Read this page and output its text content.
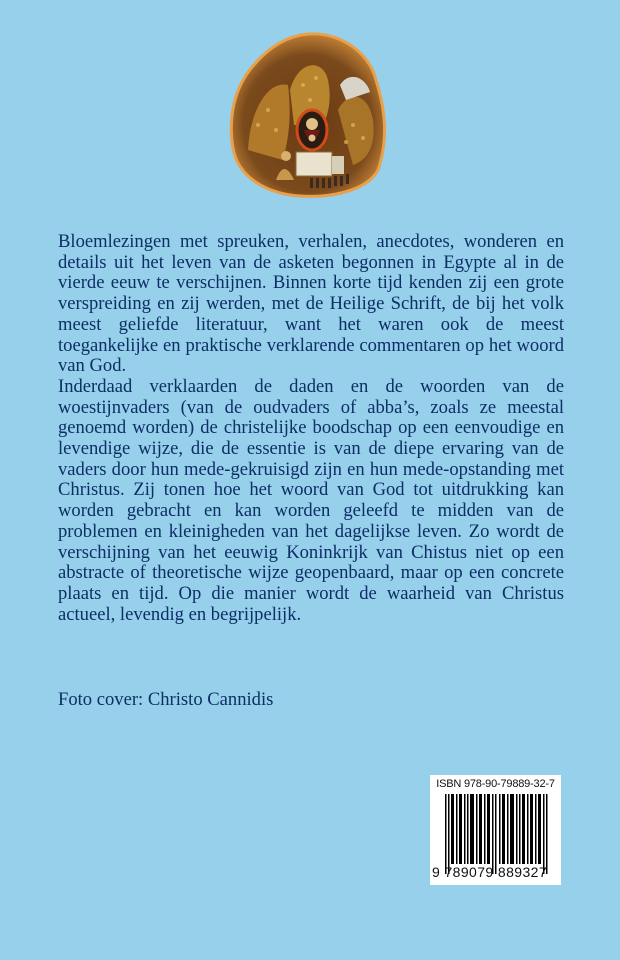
Bloemlezingen met spreuken, verhalen, anecdotes, wonderen en details uit het leven van de asketen begonnen in Egypte al in de vierde eeuw te verschijnen. Binnen korte tijd kenden zij een grote verspreiding en zij werden, met de Heilige Schrift, de bij het volk meest geliefde literatuur, want het waren ook de meest toegankelijke en praktische verklarende commentaren op het woord van God.

Inderdaad verklaarden de daden en de woorden van de woestijnvaders (van de oudvaders of abba’s, zoals ze meestal genoemd worden) de christelijke boodschap op een eenvoudige en levendige wijze, die de essentie is van de diepe ervaring van de vaders door hun mede-gekruisigd zijn en hun mede-opstanding met Christus. Zij tonen hoe het woord van God tot uitdrukking kan worden gebracht en kan worden geleefd te midden van de problemen en kleinigheden van het dagelijkse leven. Zo wordt de verschijning van het eeuwig Koninkrijk van Chistus niet op een abstracte of theoretische wijze geopenbaard, maar op een concrete plaats en tijd. Op die manier wordt de waarheid van Christus actueel, levendig en begrijpelijk.

Foto cover: Christo Cannidis
ISBN 978-90-79889-32-7
9 789079 889327
